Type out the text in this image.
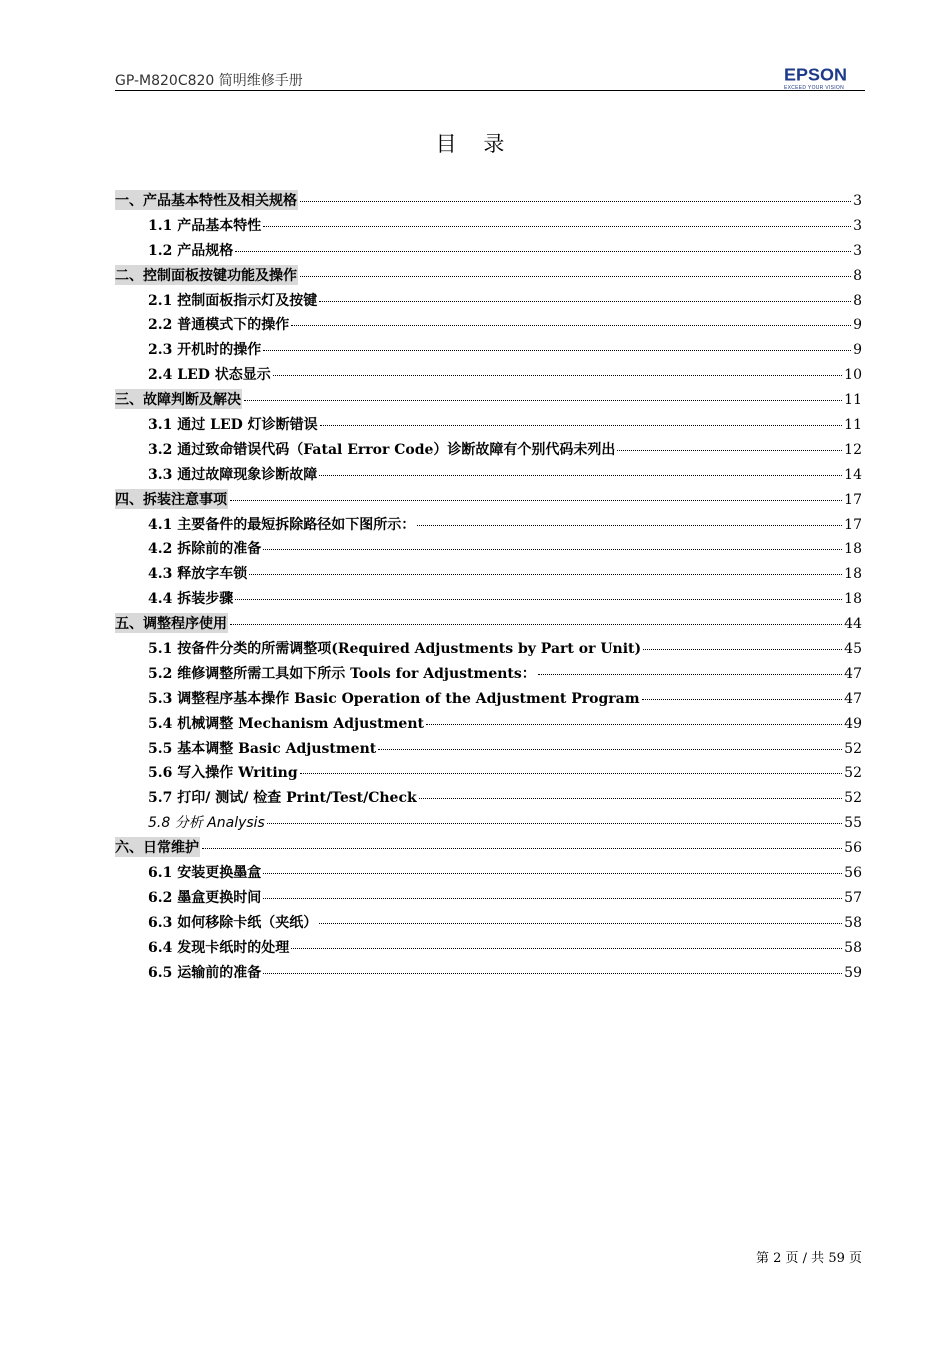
GP-M820C820 简明维修手册	EPSON
EXCEED YOUR VISION
目 录
一、产品基本特性及相关规格	3
1.1 产品基本特性	3
1.2 产品规格	3
二、控制面板按键功能及操作	8
2.1 控制面板指示灯及按键	8
2.2 普通模式下的操作	9
2.3 开机时的操作	9
2.4 LED 状态显示	10
三、故障判断及解决	11
3.1 通过 LED 灯诊断错误	11
3.2 通过致命错误代码（Fatal Error Code）诊断故障有个别代码未列出	12
3.3 通过故障现象诊断故障	14
四、拆装注意事项	17
4.1 主要备件的最短拆除路径如下图所示：	17
4.2 拆除前的准备	18
4.3 释放字车锁	18
4.4 拆装步骤	18
五、调整程序使用	44
5.1 按备件分类的所需调整项(Required Adjustments by Part or Unit)	45
5.2 维修调整所需工具如下所示 Tools for Adjustments：	47
5.3 调整程序基本操作 Basic Operation of the Adjustment Program	47
5.4 机械调整 Mechanism Adjustment	49
5.5 基本调整 Basic Adjustment	52
5.6 写入操作 Writing	52
5.7 打印/ 测试/ 检查 Print/Test/Check	52
5.8 分析 Analysis	55
六、日常维护	56
6.1 安装更换墨盒	56
6.2 墨盒更换时间	57
6.3 如何移除卡纸（夹纸）	58
6.4 发现卡纸时的处理	58
6.5 运输前的准备	59
第 2 页 / 共 59 页
